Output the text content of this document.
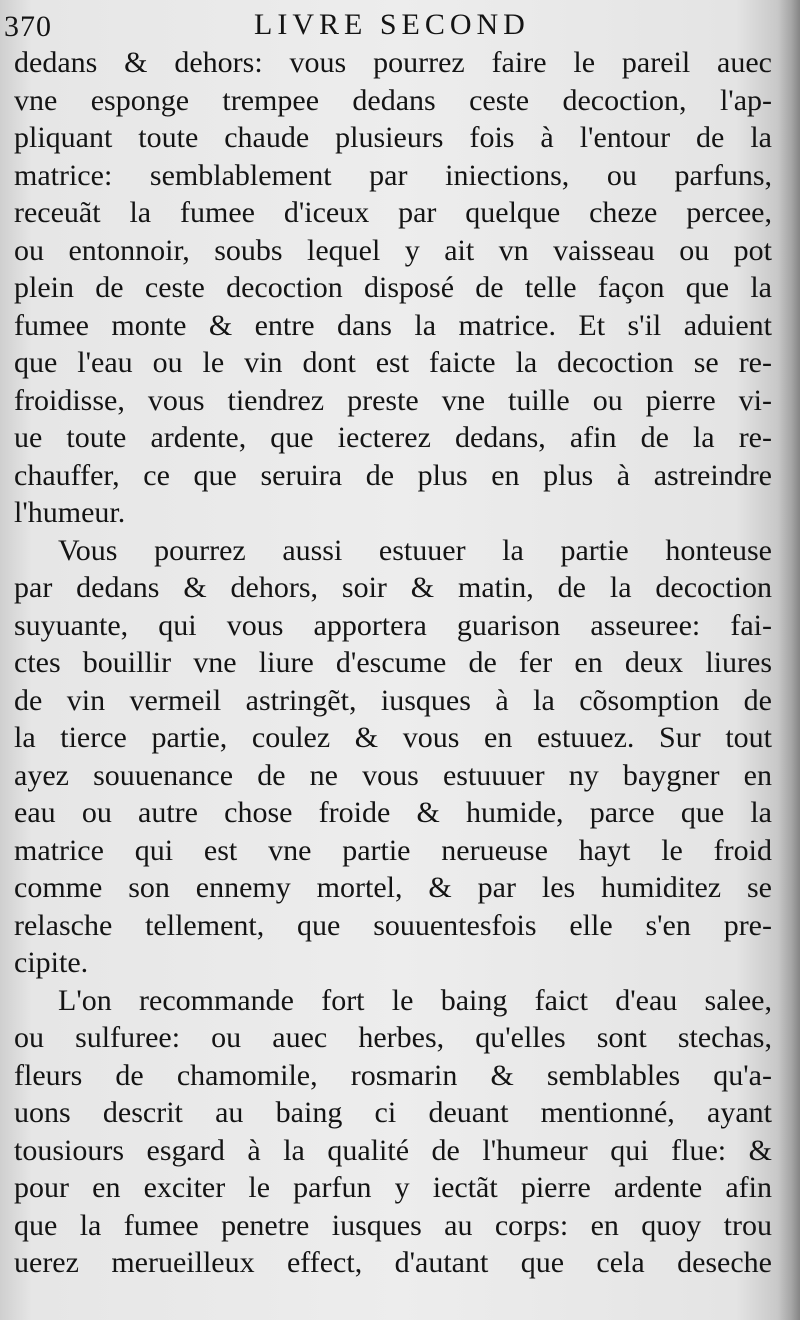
370	LIVRE SECOND
dedans & dehors: vous pourrez faire le pareil auec
vne esponge trempee dedans ceste decoction, l'ap-
pliquant toute chaude plusieurs fois à l'entour de la
matrice: semblablement par iniections, ou parfuns,
receuãt la fumee d'iceux par quelque cheze percee,
ou entonnoir, soubs lequel y ait vn vaisseau ou pot
plein de ceste decoction disposé de telle façon que la
fumee monte & entre dans la matrice. Et s'il aduient
que l'eau ou le vin dont est faicte la decoction se re-
froidisse, vous tiendrez preste vne tuille ou pierre vi-
ue toute ardente, que iecterez dedans, afin de la re-
chauffer, ce que seruira de plus en plus à astreindre
l'humeur.
Vous pourrez aussi estuuer la partie honteuse
par dedans & dehors, soir & matin, de la decoction
suyuante, qui vous apportera guarison asseuree: fai-
ctes bouillir vne liure d'escume de fer en deux liures
de vin vermeil astringẽt, iusques à la cõsomption de
la tierce partie, coulez & vous en estuuez. Sur tout
ayez souuenance de ne vous estuuuer ny baygner en
eau ou autre chose froide & humide, parce que la
matrice qui est vne partie nerueuse hayt le froid
comme son ennemy mortel, & par les humiditez se
relasche tellement, que souuentesfois elle s'en pre-
cipite.
L'on recommande fort le baing faict d'eau salee,
ou sulfuree: ou auec herbes, qu'elles sont stechas,
fleurs de chamomile, rosmarin & semblables qu'a-
uons descrit au baing ci deuant mentionné, ayant
tousiours esgard à la qualité de l'humeur qui flue: &
pour en exciter le parfun y iectãt pierre ardente afin
que la fumee penetre iusques au corps: en quoy trou
uerez merueilleux effect, d'autant que cela deseche
